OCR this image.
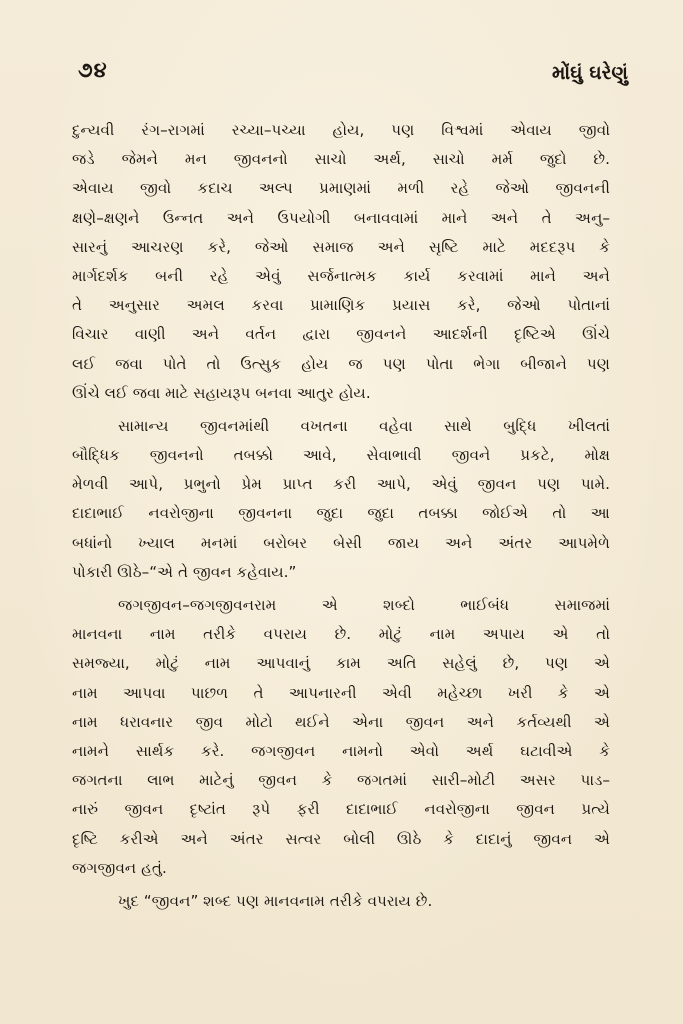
૭૪	મોંઘું ઘરેણું
દુન્યવી રંગ–રાગમાં રચ્યા–પચ્યા હોય, પણ વિશ્વમાં એવાય જીવો
જડે જેમને મન જીવનનો સાચો અર્થ, સાચો મર્મ જુદો છે.
એવાય જીવો કદાચ અલ્પ પ્રમાણમાં મળી રહે જેઓ જીવનની
ક્ષણે–ક્ષણને ઉન્નત અને ઉપયોગી બનાવવામાં માને અને તે અનુ–
સારનું આચરણ કરે, જેઓ સમાજ અને સૃષ્ટિ માટે મદદરૂપ કે
માર્ગદર્શક બની રહે એવું સર્જનાત્મક કાર્ય કરવામાં માને અને
તે અનુસાર અમલ કરવા પ્રામાણિક પ્રયાસ કરે, જેઓ પોતાનાં
વિચાર વાણી અને વર્તન દ્વારા જીવનને આદર્શની દૃષ્ટિએ ઊંચે
લઈ જવા પોતે તો ઉત્સુક હોય જ પણ પોતા ભેગા બીજાને પણ
ઊંચે લઈ જવા માટે સહાયરૂપ બનવા આતુર હોય.
સામાન્ય જીવનમાંથી વખતના વહેવા સાથે બુદ્ધિ ખીલતાં
બૌદ્ધિક જીવનનો તબક્કો આવે, સેવાભાવી જીવને પ્રકટે, મોક્ષ
મેળવી આપે, પ્રભુનો પ્રેમ પ્રાપ્ત કરી આપે, એવું જીવન પણ પામે.
દાદાભાઈ નવરોજીના જીવનના જુદા જુદા તબક્કા જોઈએ તો આ
બધાંનો ખ્યાલ મનમાં બરોબર બેસી જાય અને અંતર આપમેળે
પોકારી ઊઠે–“એ તે જીવન કહેવાય.”
જગજીવન–જગજીવનરામ એ શબ્દો ભાઈબંધ સમાજમાં
માનવના નામ તરીકે વપરાય છે. મોટું નામ અપાય એ તો
સમજ્યા, મોટું નામ આપવાનું કામ અતિ સહેલું છે, પણ એ
નામ આપવા પાછળ તે આપનારની એવી મહેચ્છા ખરી કે એ
નામ ધરાવનાર જીવ મોટો થઈને એના જીવન અને કર્તવ્યથી એ
નામને સાર્થક કરે. જગજીવન નામનો એવો અર્થ ઘટાવીએ કે
જગતના લાભ માટેનું જીવન કે જગતમાં સારી–મોટી અસર પાડ–
નારું જીવન દૃષ્ટાંત રૂપે ફરી દાદાભાઈ નવરોજીના જીવન પ્રત્યે
દૃષ્ટિ કરીએ અને અંતર સત્વર બોલી ઊઠે કે દાદાનું જીવન એ
જગજીવન હતું.
ખુદ “જીવન” શબ્દ પણ માનવનામ તરીકે વપરાય છે.
